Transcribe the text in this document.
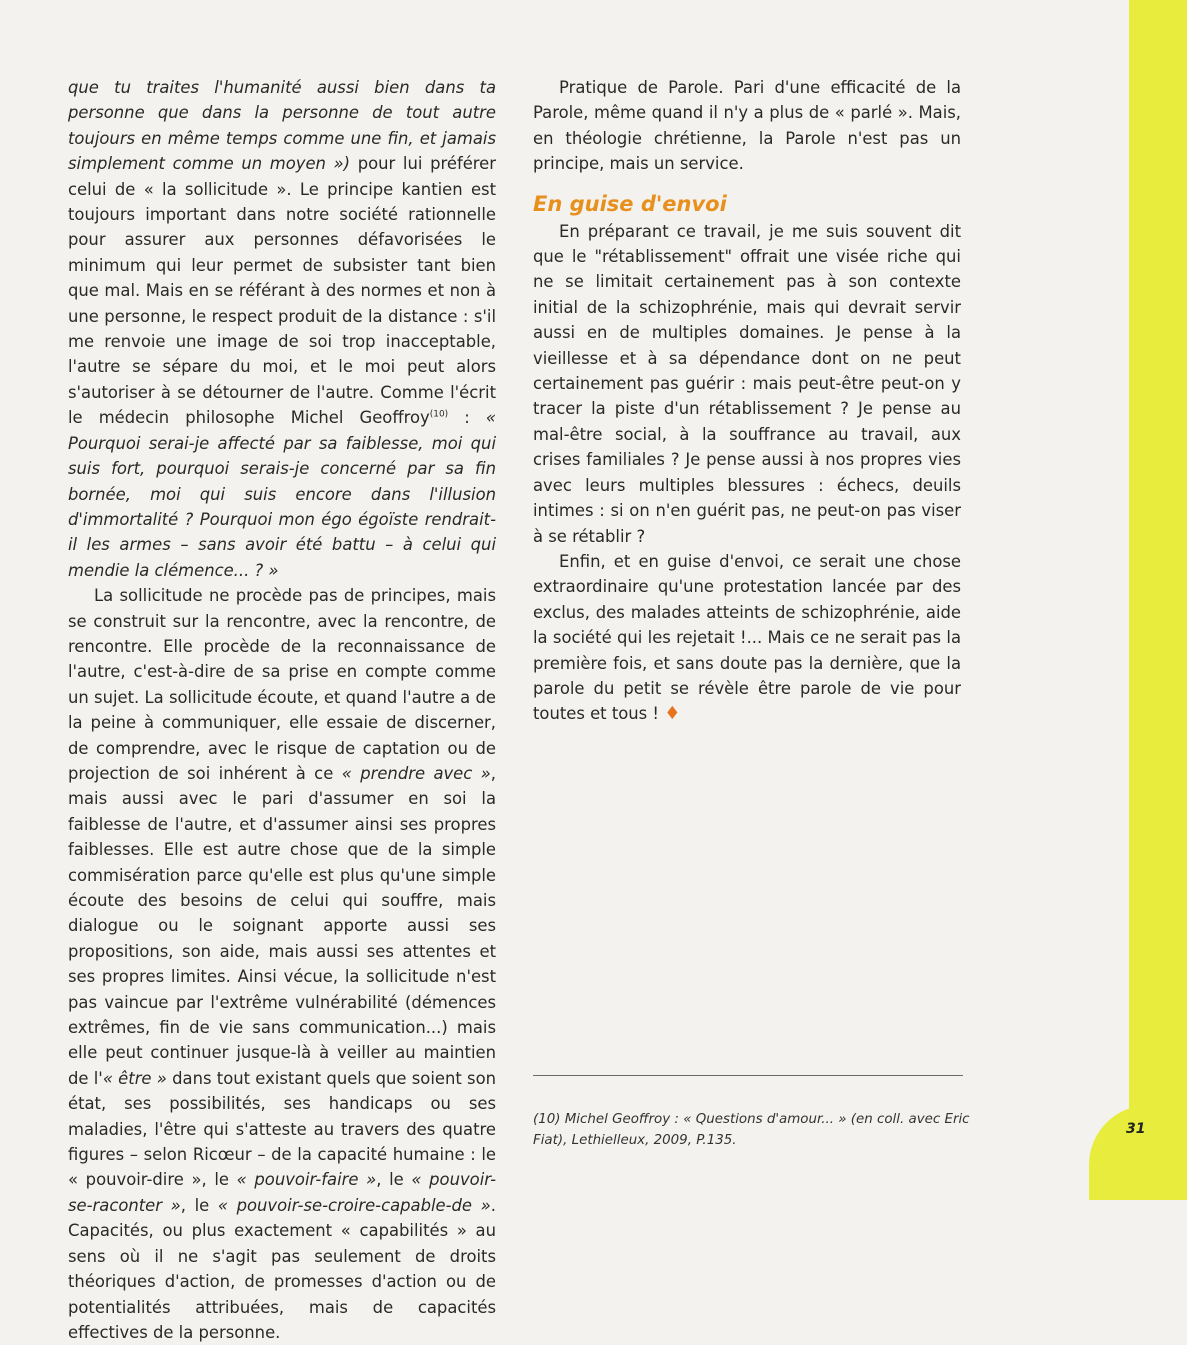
que tu traites l'humanité aussi bien dans ta personne que dans la personne de tout autre toujours en même temps comme une fin, et jamais simplement comme un moyen ») pour lui préférer celui de « la sollicitude ». Le principe kantien est toujours important dans notre société rationnelle pour assurer aux personnes défavorisées le minimum qui leur permet de subsister tant bien que mal. Mais en se référant à des normes et non à une personne, le respect produit de la distance : s'il me renvoie une image de soi trop inacceptable, l'autre se sépare du moi, et le moi peut alors s'autoriser à se détourner de l'autre. Comme l'écrit le médecin philosophe Michel Geoffroy$^{(10)}$ : « Pourquoi serai-je affecté par sa faiblesse, moi qui suis fort, pourquoi serais-je concerné par sa fin bornée, moi qui suis encore dans l'illusion d'immortalité ? Pourquoi mon égo égoïste rendrait-il les armes – sans avoir été battu – à celui qui mendie la clémence... ? »

La sollicitude ne procède pas de principes, mais se construit sur la rencontre, avec la rencontre, de rencontre. Elle procède de la reconnaissance de l'autre, c'est-à-dire de sa prise en compte comme un sujet. La sollicitude écoute, et quand l'autre a de la peine à communiquer, elle essaie de discerner, de comprendre, avec le risque de captation ou de projection de soi inhérent à ce « prendre avec », mais aussi avec le pari d'assumer en soi la faiblesse de l'autre, et d'assumer ainsi ses propres faiblesses. Elle est autre chose que de la simple commisération parce qu'elle est plus qu'une simple écoute des besoins de celui qui souffre, mais dialogue ou le soignant apporte aussi ses propositions, son aide, mais aussi ses attentes et ses propres limites. Ainsi vécue, la sollicitude n'est pas vaincue par l'extrême vulnérabilité (démences extrêmes, fin de vie sans communication...) mais elle peut continuer jusque-là à veiller au maintien de l'« être » dans tout existant quels que soient son état, ses possibilités, ses handicaps ou ses maladies, l'être qui s'atteste au travers des quatre figures – selon Ricœur – de la capacité humaine : le « pouvoir-dire », le « pouvoir-faire », le « pouvoir-se-raconter », le « pouvoir-se-croire-capable-de ». Capacités, ou plus exactement « capabilités » au sens où il ne s'agit pas seulement de droits théoriques d'action, de promesses d'action ou de potentialités attribuées, mais de capacités effectives de la personne.

Pratique de Parole. Pari d'une efficacité de la Parole, même quand il n'y a plus de « parlé ». Mais, en théologie chrétienne, la Parole n'est pas un principe, mais un service.

En guise d'envoi

En préparant ce travail, je me suis souvent dit que le "rétablissement" offrait une visée riche qui ne se limitait certainement pas à son contexte initial de la schizophrénie, mais qui devrait servir aussi en de multiples domaines. Je pense à la vieillesse et à sa dépendance dont on ne peut certainement pas guérir : mais peut-être peut-on y tracer la piste d'un rétablissement ? Je pense au mal-être social, à la souffrance au travail, aux crises familiales ? Je pense aussi à nos propres vies avec leurs multiples blessures : échecs, deuils intimes : si on n'en guérit pas, ne peut-on pas viser à se rétablir ?

Enfin, et en guise d'envoi, ce serait une chose extraordinaire qu'une protestation lancée par des exclus, des malades atteints de schizophrénie, aide la société qui les rejetait !... Mais ce ne serait pas la première fois, et sans doute pas la dernière, que la parole du petit se révèle être parole de vie pour toutes et tous ! ♦

(10) Michel Geoffroy : « Questions d'amour... » (en coll. avec Eric Fiat), Lethielleux, 2009, P.135.
31
